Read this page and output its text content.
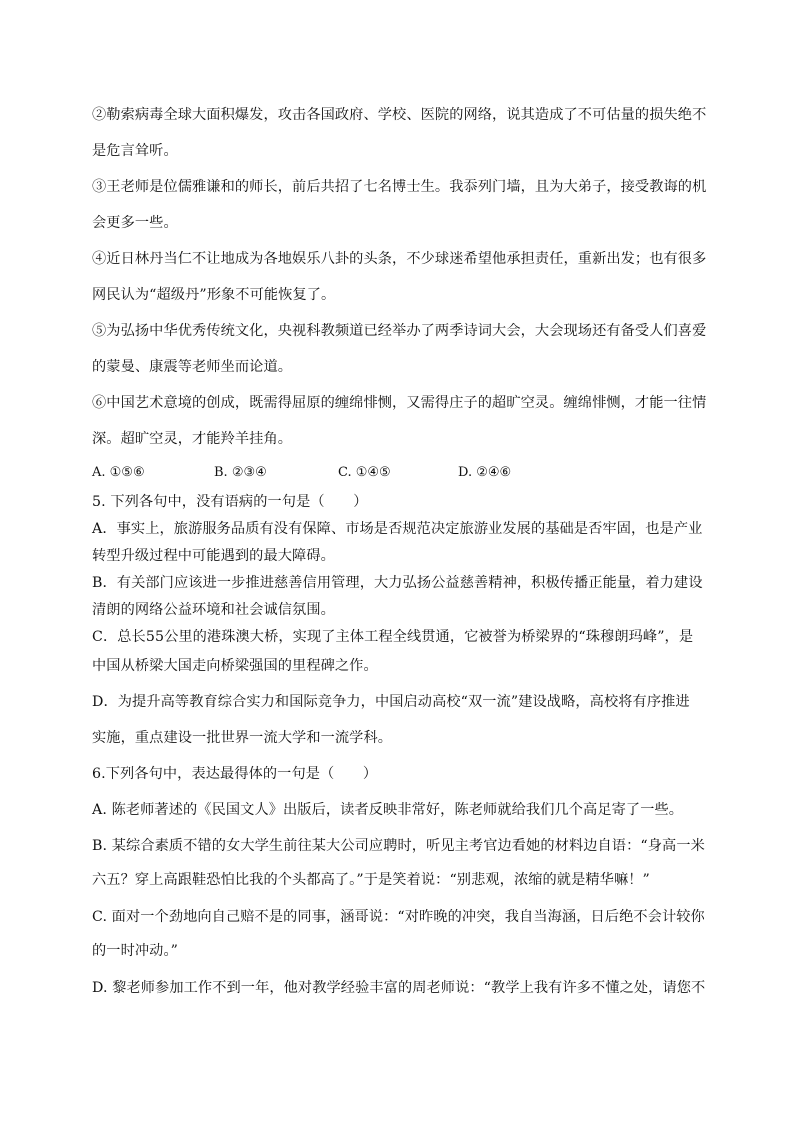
②勒索病毒全球大面积爆发，攻击各国政府、学校、医院的网络，说其造成了不可估量的损失绝不
是危言耸听。
③王老师是位儒雅谦和的师长，前后共招了七名博士生。我忝列门墙，且为大弟子，接受教诲的机
会更多一些。
④近日林丹当仁不让地成为各地娱乐八卦的头条，不少球迷希望他承担责任，重新出发；也有很多
网民认为“超级丹”形象不可能恢复了。
⑤为弘扬中华优秀传统文化，央视科教频道已经举办了两季诗词大会，大会现场还有备受人们喜爱
的蒙曼、康震等老师坐而论道。
⑥中国艺术意境的创成，既需得屈原的缠绵悱恻，又需得庄子的超旷空灵。缠绵悱恻，才能一往情
深。超旷空灵，才能羚羊挂角。
A. ①⑤⑥	B. ②③④	C. ①④⑤	D. ②④⑥
5. 下列各句中，没有语病的一句是（　　）
A．事实上，旅游服务品质有没有保障、市场是否规范决定旅游业发展的基础是否牢固，也是产业
转型升级过程中可能遇到的最大障碍。
B．有关部门应该进一步推进慈善信用管理，大力弘扬公益慈善精神，积极传播正能量，着力建设
清朗的网络公益环境和社会诚信氛围。
C．总长55公里的港珠澳大桥，实现了主体工程全线贯通，它被誉为桥梁界的“珠穆朗玛峰”，是
中国从桥梁大国走向桥梁强国的里程碑之作。
D．为提升高等教育综合实力和国际竞争力，中国启动高校“双一流”建设战略，高校将有序推进
实施，重点建设一批世界一流大学和一流学科。
6.下列各句中，表达最得体的一句是（　　）
A. 陈老师著述的《民国文人》出版后，读者反映非常好，陈老师就给我们几个高足寄了一些。
B. 某综合素质不错的女大学生前往某大公司应聘时，听见主考官边看她的材料边自语：“身高一米
六五？穿上高跟鞋恐怕比我的个头都高了。”于是笑着说：“别悲观，浓缩的就是精华嘛！”
C. 面对一个劲地向自己赔不是的同事，涵哥说：“对昨晚的冲突，我自当海涵，日后绝不会计较你
的一时冲动。”
D. 黎老师参加工作不到一年，他对教学经验丰富的周老师说：“教学上我有许多不懂之处，请您不
